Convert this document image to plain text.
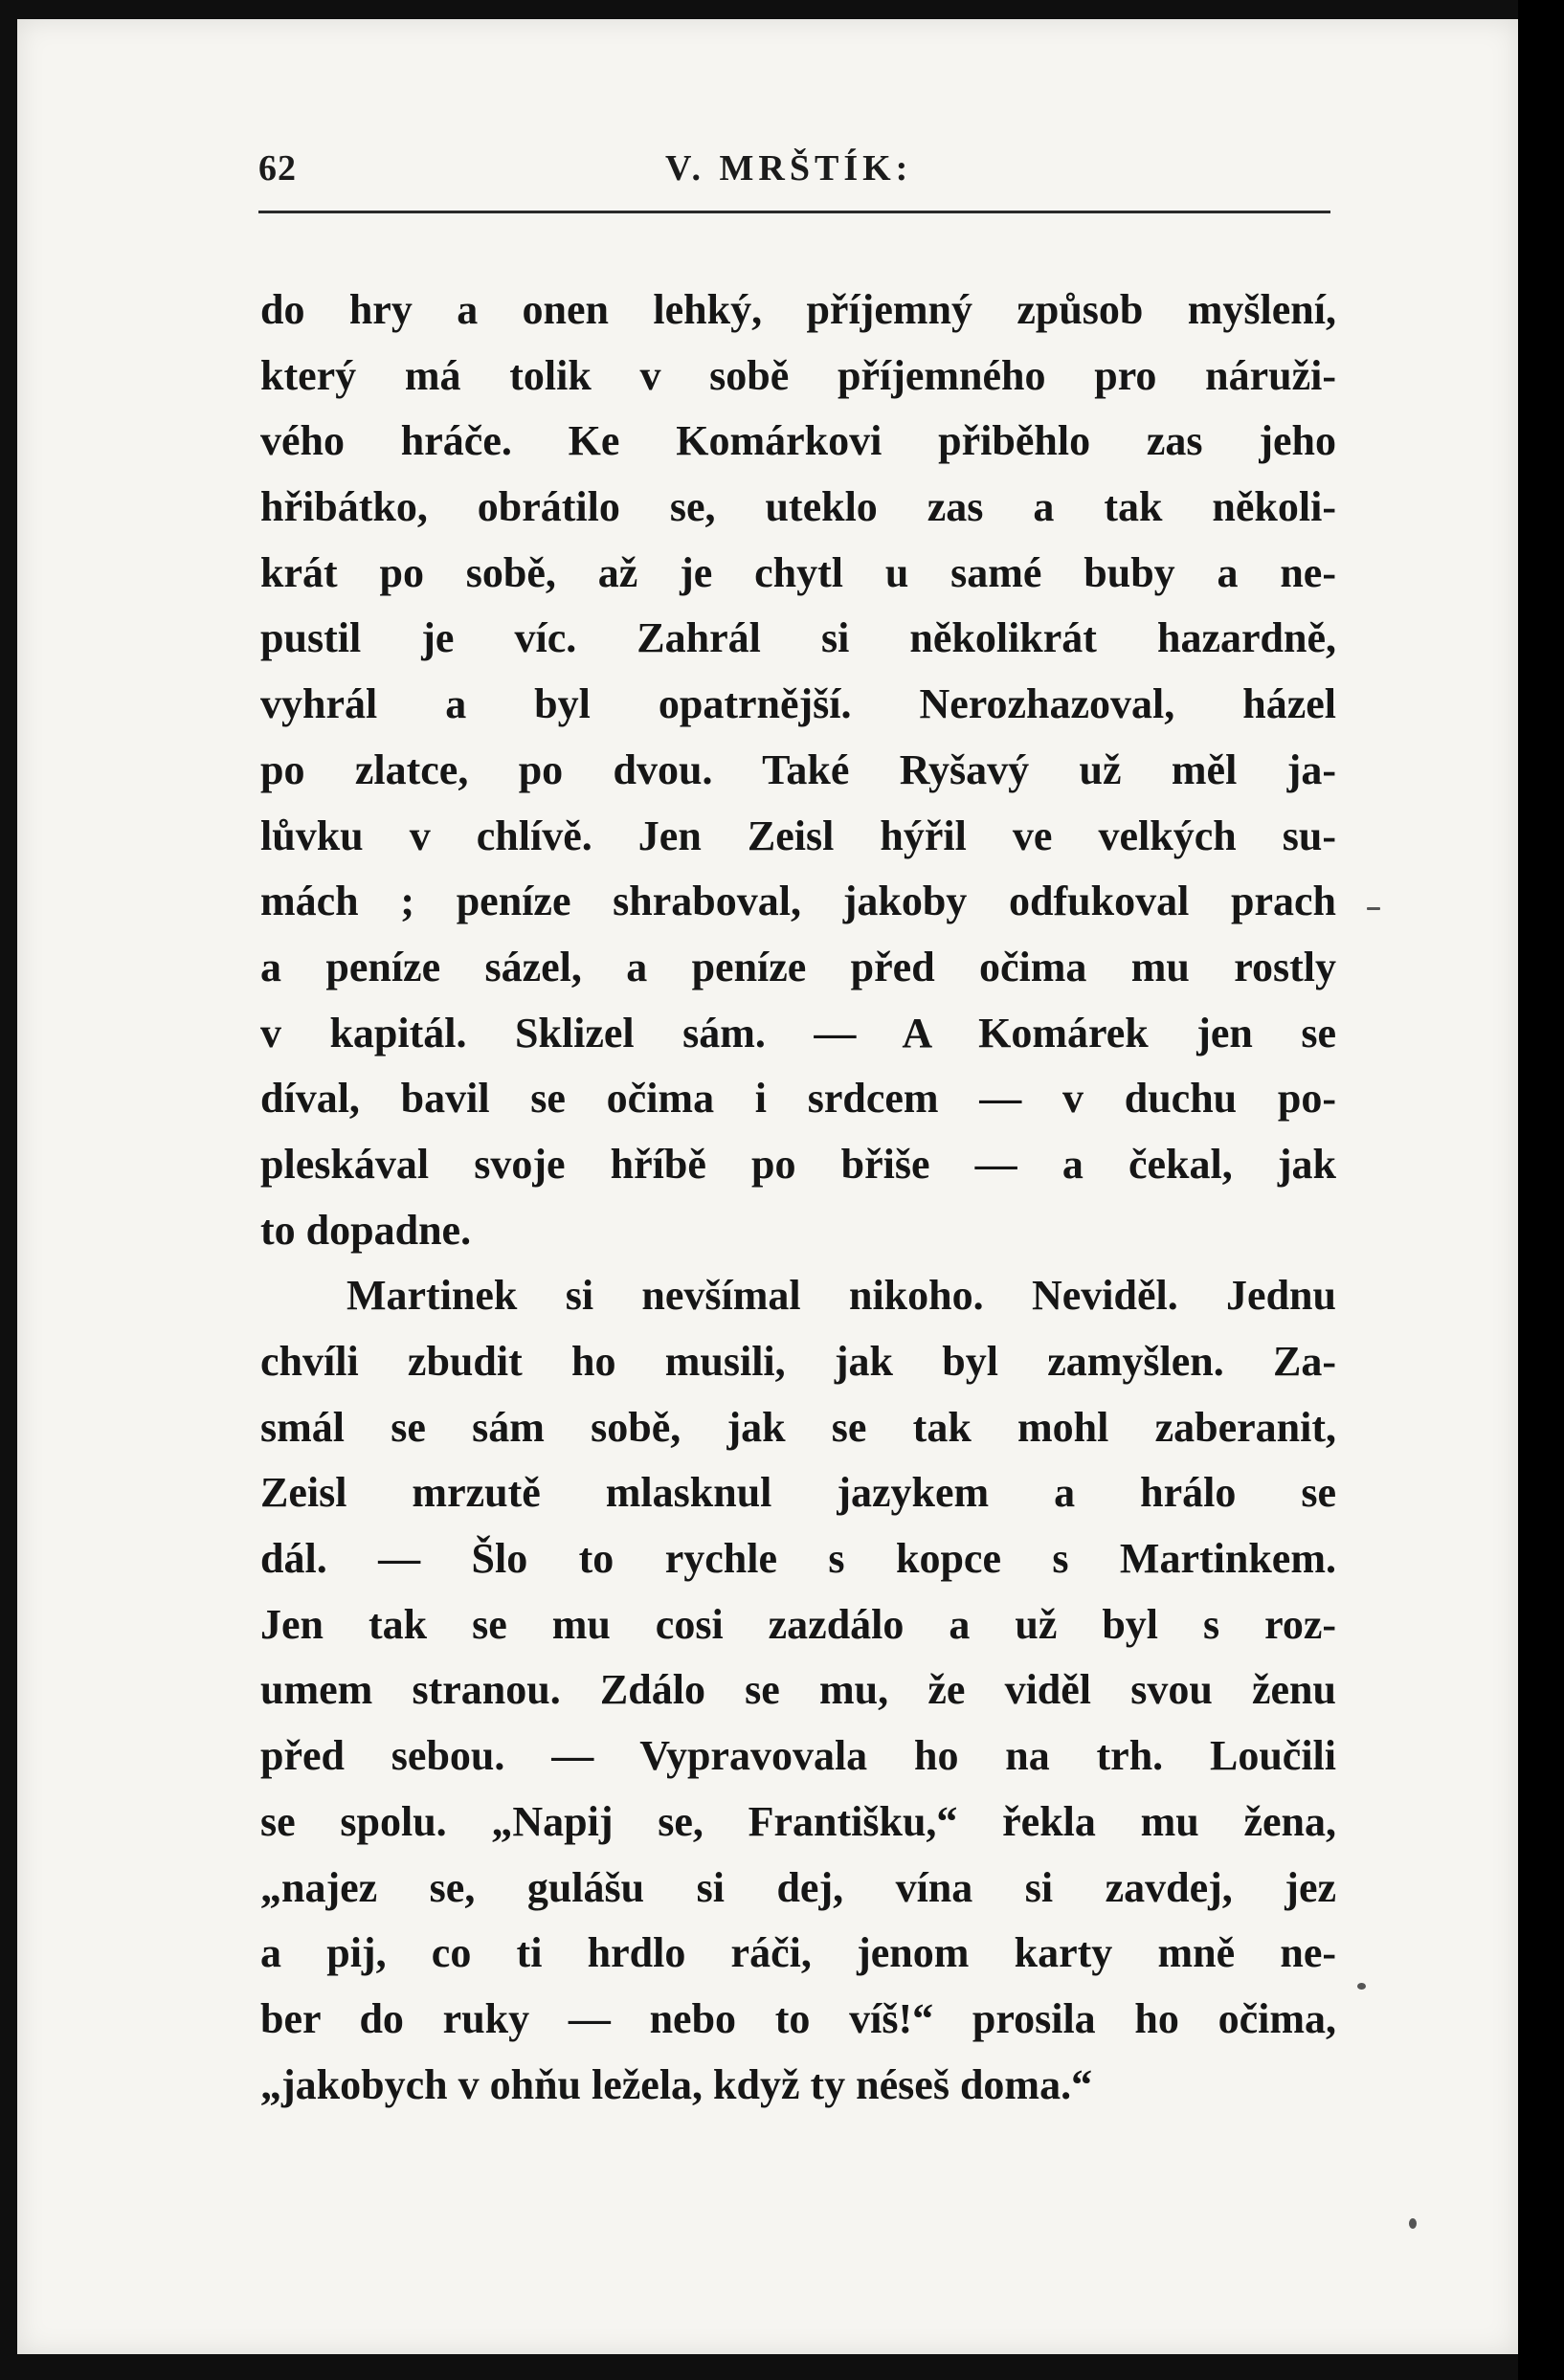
62	V. MRŠTÍK:
do hry a onen lehký, příjemný způsob myšlení,
který má tolik v sobě příjemného pro náruži-
vého hráče. Ke Komárkovi přiběhlo zas jeho
hřibátko, obrátilo se, uteklo zas a tak několi-
krát po sobě, až je chytl u samé buby a ne-
pustil je víc. Zahrál si několikrát hazardně,
vyhrál a byl opatrnější. Nerozhazoval, házel
po zlatce, po dvou. Také Ryšavý už měl ja-
lůvku v chlívě. Jen Zeisl hýřil ve velkých su-
mách ; peníze shraboval, jakoby odfukoval prach
a peníze sázel, a peníze před očima mu rostly
v kapitál. Sklizel sám. — A Komárek jen se
díval, bavil se očima i srdcem — v duchu po-
pleskával svoje hříbě po břiše — a čekal, jak
to dopadne.
Martinek si nevšímal nikoho. Neviděl. Jednu
chvíli zbudit ho musili, jak byl zamyšlen. Za-
smál se sám sobě, jak se tak mohl zaberanit,
Zeisl mrzutě mlasknul jazykem a hrálo se
dál. — Šlo to rychle s kopce s Martinkem.
Jen tak se mu cosi zazdálo a už byl s roz-
umem stranou. Zdálo se mu, že viděl svou ženu
před sebou. — Vypravovala ho na trh. Loučili
se spolu. „Napij se, Františku,“ řekla mu žena,
„najez se, gulášu si dej, vína si zavdej, jez
a pij, co ti hrdlo ráči, jenom karty mně ne-
ber do ruky — nebo to víš!“ prosila ho očima,
„jakobych v ohňu ležela, když ty néseš doma.“
